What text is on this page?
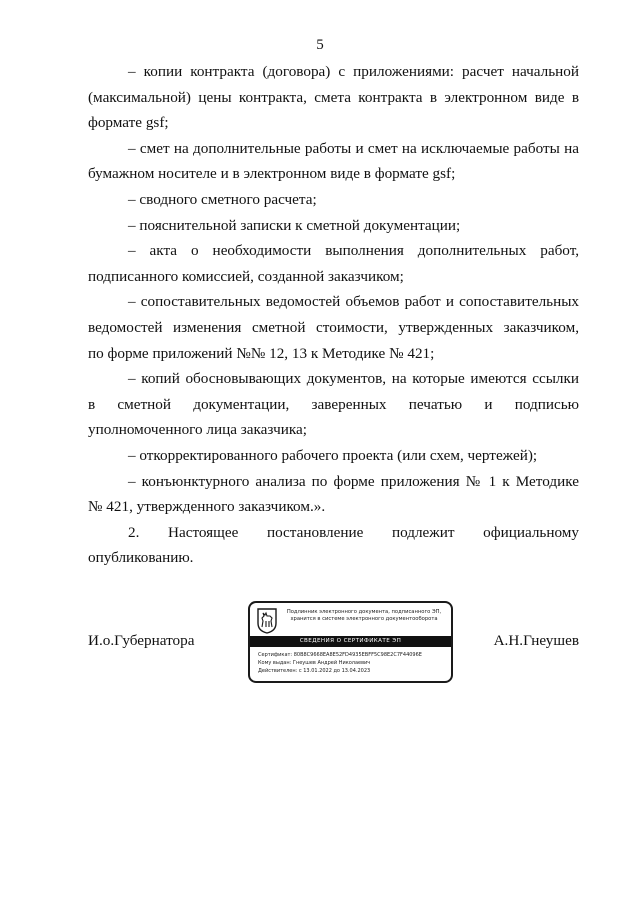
5
– копии контракта (договора) с приложениями: расчет начальной
(максимальной) цены контракта, смета контракта в электронном виде в
формате gsf;
– смет на дополнительные работы и смет на исключаемые работы на
бумажном носителе и в электронном виде в формате gsf;
– сводного сметного расчета;
– пояснительной записки к сметной документации;
– акта о необходимости выполнения дополнительных работ,
подписанного комиссией, созданной заказчиком;
– сопоставительных ведомостей объемов работ и сопоставительных
ведомостей изменения сметной стоимости, утвержденных заказчиком,
по форме приложений №№ 12, 13 к Методике № 421;
– копий обосновывающих документов, на которые имеются ссылки
в сметной документации, заверенных печатью и подписью
уполномоченного лица заказчика;
– откорректированного рабочего проекта (или схем, чертежей);
– конъюнктурного анализа по форме приложения № 1 к Методике
№ 421, утвержденного заказчиком.».
2. Настоящее постановление подлежит официальному
опубликованию.
И.о.Губернатора	А.Н.Гнеушев
Подлинник электронного документа, подписанного ЭП,
хранится в системе электронного документооборота
СВЕДЕНИЯ О СЕРТИФИКАТЕ ЭП
Сертификат: 80B8C9668EA8E52FD4935EBFF5C98E2C7F44096E
Кому выдан: Гнеушев Андрей Николаевич
Действителен: с 13.01.2022 до 13.04.2023
